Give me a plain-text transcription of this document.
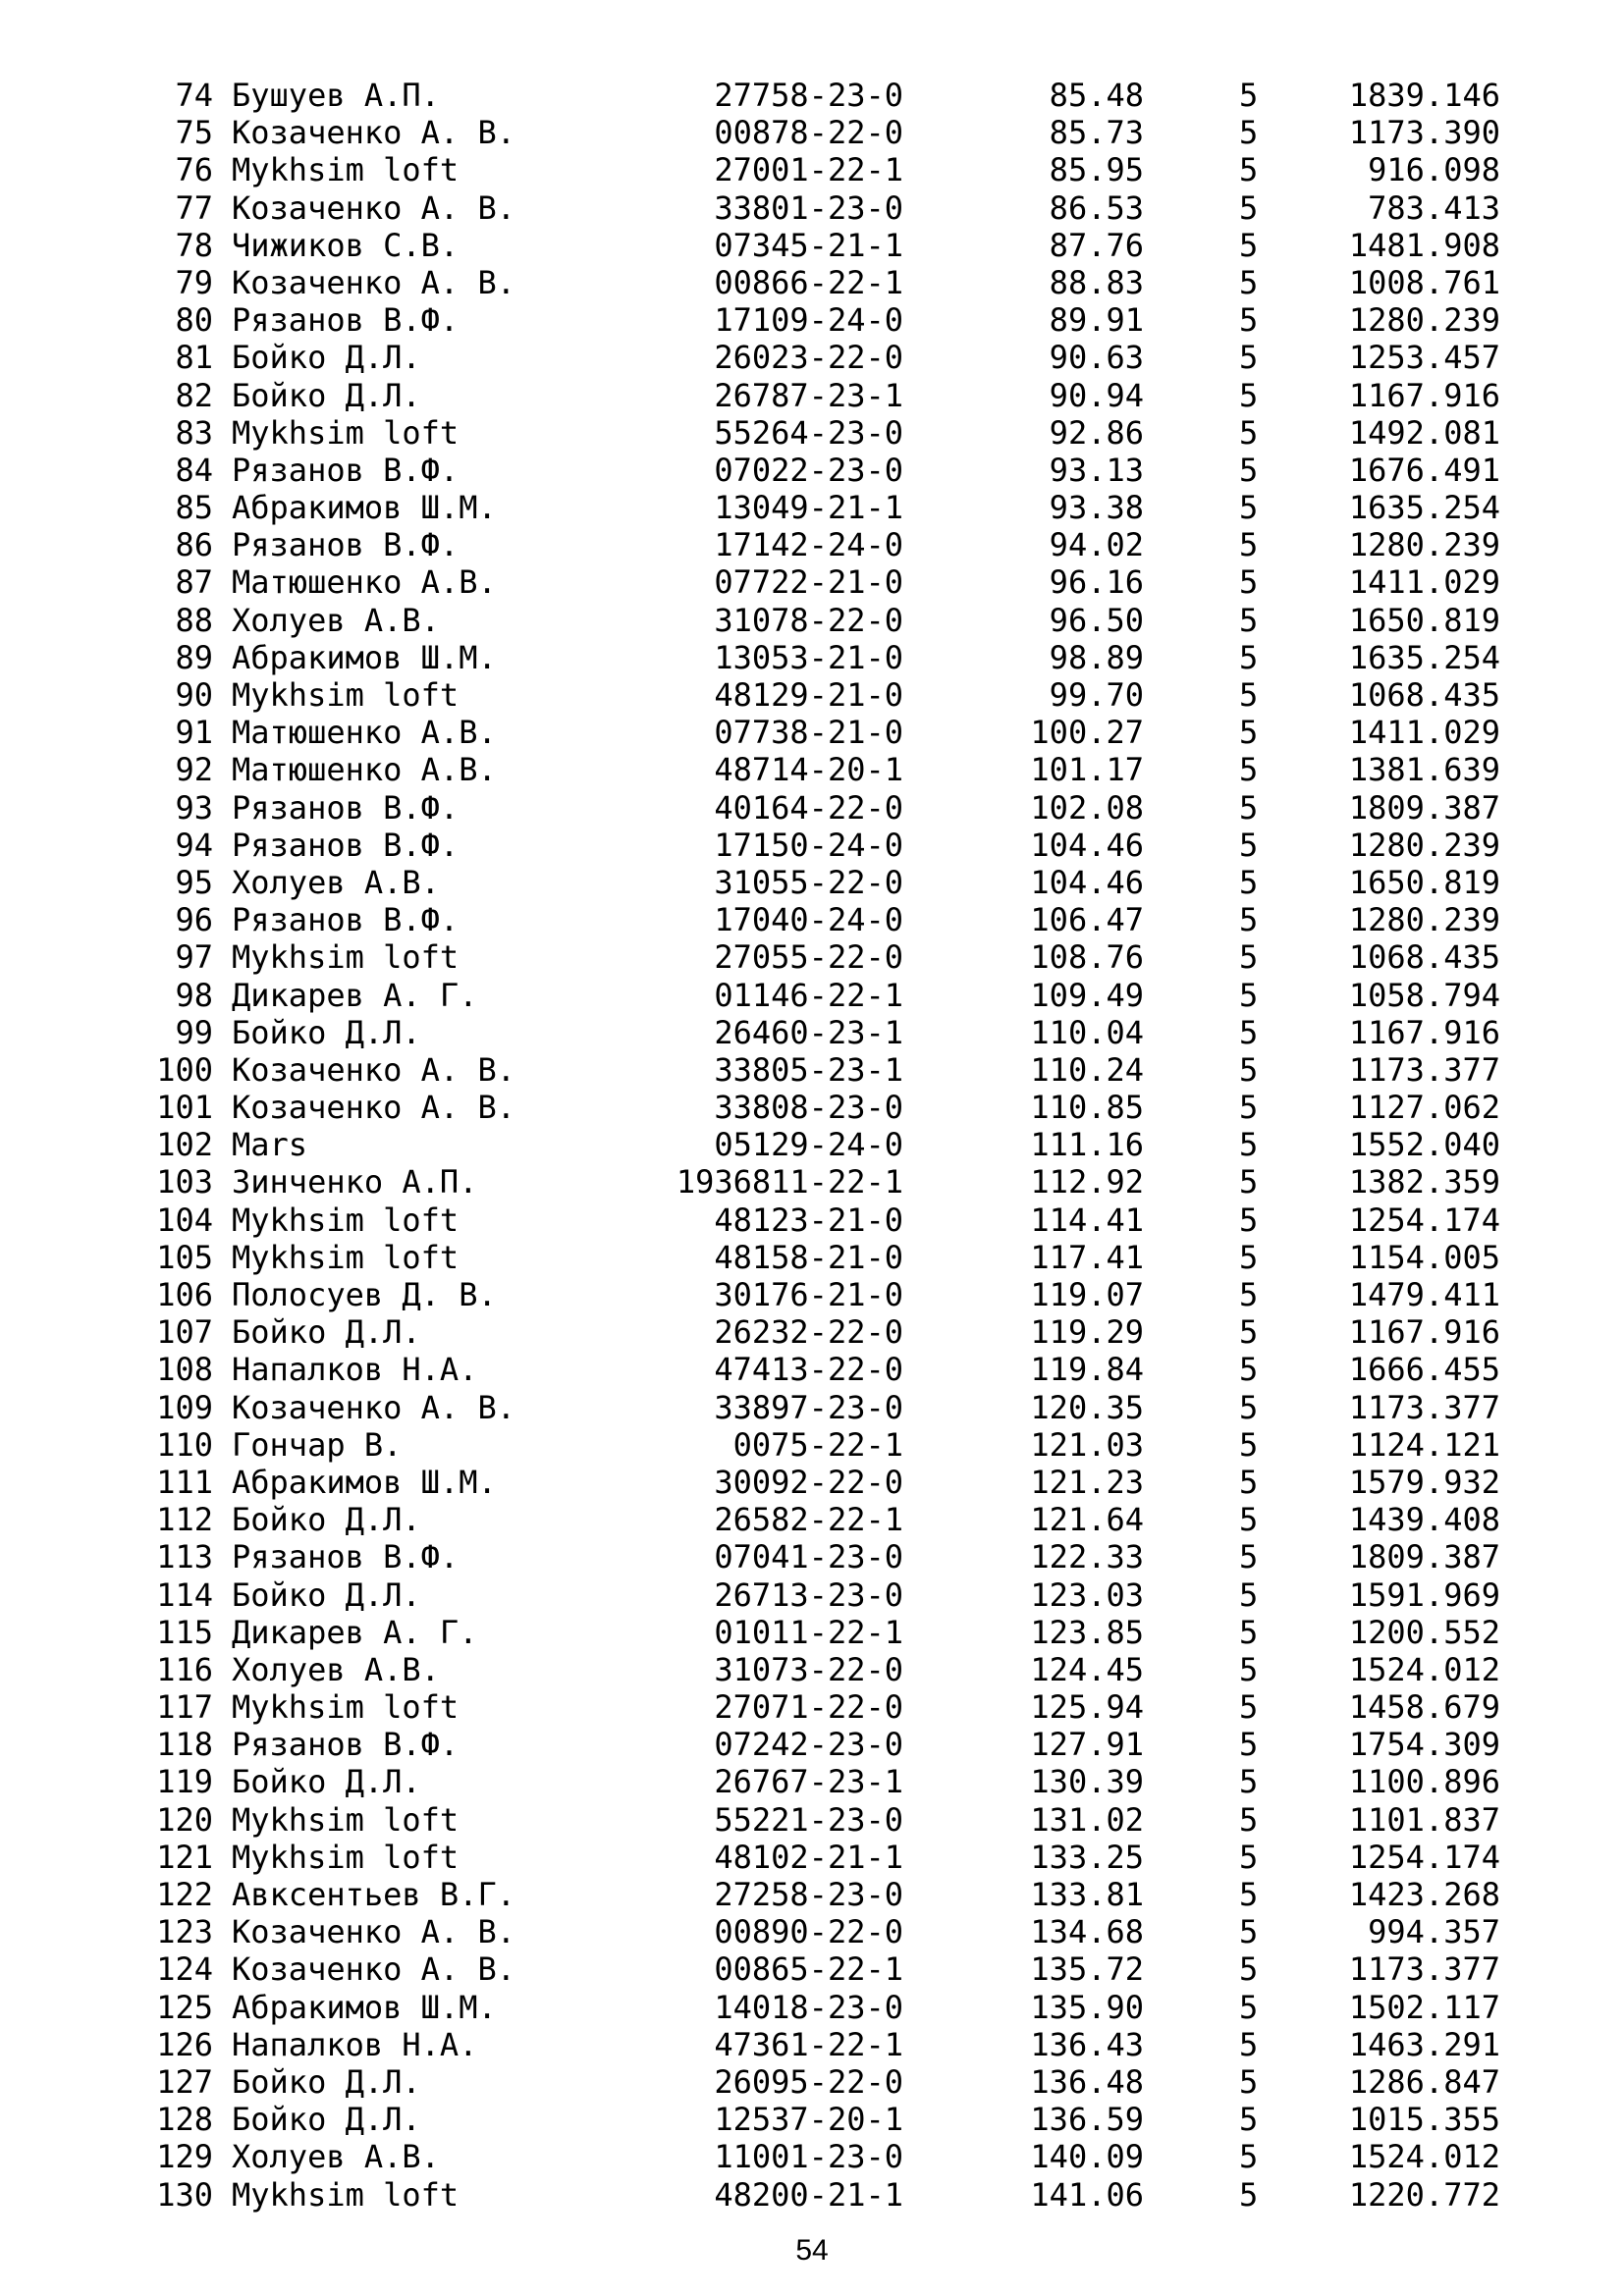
74 Бушуев А.П.	27758-23-0	85.48	5	1839.146
75 Козаченко А. В.	00878-22-0	85.73	5	1173.390
76 Mykhsim loft	27001-22-1	85.95	5	916.098
77 Козаченко А. В.	33801-23-0	86.53	5	783.413
78 Чижиков С.В.	07345-21-1	87.76	5	1481.908
79 Козаченко А. В.	00866-22-1	88.83	5	1008.761
80 Рязанов В.Ф.	17109-24-0	89.91	5	1280.239
81 Бойко Д.Л.	26023-22-0	90.63	5	1253.457
82 Бойко Д.Л.	26787-23-1	90.94	5	1167.916
83 Mykhsim loft	55264-23-0	92.86	5	1492.081
84 Рязанов В.Ф.	07022-23-0	93.13	5	1676.491
85 Абракимов Ш.М.	13049-21-1	93.38	5	1635.254
86 Рязанов В.Ф.	17142-24-0	94.02	5	1280.239
87 Матюшенко А.В.	07722-21-0	96.16	5	1411.029
88 Холуев А.В.	31078-22-0	96.50	5	1650.819
89 Абракимов Ш.М.	13053-21-0	98.89	5	1635.254
90 Mykhsim loft	48129-21-0	99.70	5	1068.435
91 Матюшенко А.В.	07738-21-0	100.27	5	1411.029
92 Матюшенко А.В.	48714-20-1	101.17	5	1381.639
93 Рязанов В.Ф.	40164-22-0	102.08	5	1809.387
94 Рязанов В.Ф.	17150-24-0	104.46	5	1280.239
95 Холуев А.В.	31055-22-0	104.46	5	1650.819
96 Рязанов В.Ф.	17040-24-0	106.47	5	1280.239
97 Mykhsim loft	27055-22-0	108.76	5	1068.435
98 Дикарев А. Г.	01146-22-1	109.49	5	1058.794
99 Бойко Д.Л.	26460-23-1	110.04	5	1167.916
100 Козаченко А. В.	33805-23-1	110.24	5	1173.377
101 Козаченко А. В.	33808-23-0	110.85	5	1127.062
102 Mars	05129-24-0	111.16	5	1552.040
103 Зинченко А.П.	1936811-22-1	112.92	5	1382.359
104 Mykhsim loft	48123-21-0	114.41	5	1254.174
105 Mykhsim loft	48158-21-0	117.41	5	1154.005
106 Полосуев Д. В.	30176-21-0	119.07	5	1479.411
107 Бойко Д.Л.	26232-22-0	119.29	5	1167.916
108 Напалков Н.А.	47413-22-0	119.84	5	1666.455
109 Козаченко А. В.	33897-23-0	120.35	5	1173.377
110 Гончар В.	0075-22-1	121.03	5	1124.121
111 Абракимов Ш.М.	30092-22-0	121.23	5	1579.932
112 Бойко Д.Л.	26582-22-1	121.64	5	1439.408
113 Рязанов В.Ф.	07041-23-0	122.33	5	1809.387
114 Бойко Д.Л.	26713-23-0	123.03	5	1591.969
115 Дикарев А. Г.	01011-22-1	123.85	5	1200.552
116 Холуев А.В.	31073-22-0	124.45	5	1524.012
117 Mykhsim loft	27071-22-0	125.94	5	1458.679
118 Рязанов В.Ф.	07242-23-0	127.91	5	1754.309
119 Бойко Д.Л.	26767-23-1	130.39	5	1100.896
120 Mykhsim loft	55221-23-0	131.02	5	1101.837
121 Mykhsim loft	48102-21-1	133.25	5	1254.174
122 Авксентьев В.Г.	27258-23-0	133.81	5	1423.268
123 Козаченко А. В.	00890-22-0	134.68	5	994.357
124 Козаченко А. В.	00865-22-1	135.72	5	1173.377
125 Абракимов Ш.М.	14018-23-0	135.90	5	1502.117
126 Напалков Н.А.	47361-22-1	136.43	5	1463.291
127 Бойко Д.Л.	26095-22-0	136.48	5	1286.847
128 Бойко Д.Л.	12537-20-1	136.59	5	1015.355
129 Холуев А.В.	11001-23-0	140.09	5	1524.012
130 Mykhsim loft	48200-21-1	141.06	5	1220.772
54
